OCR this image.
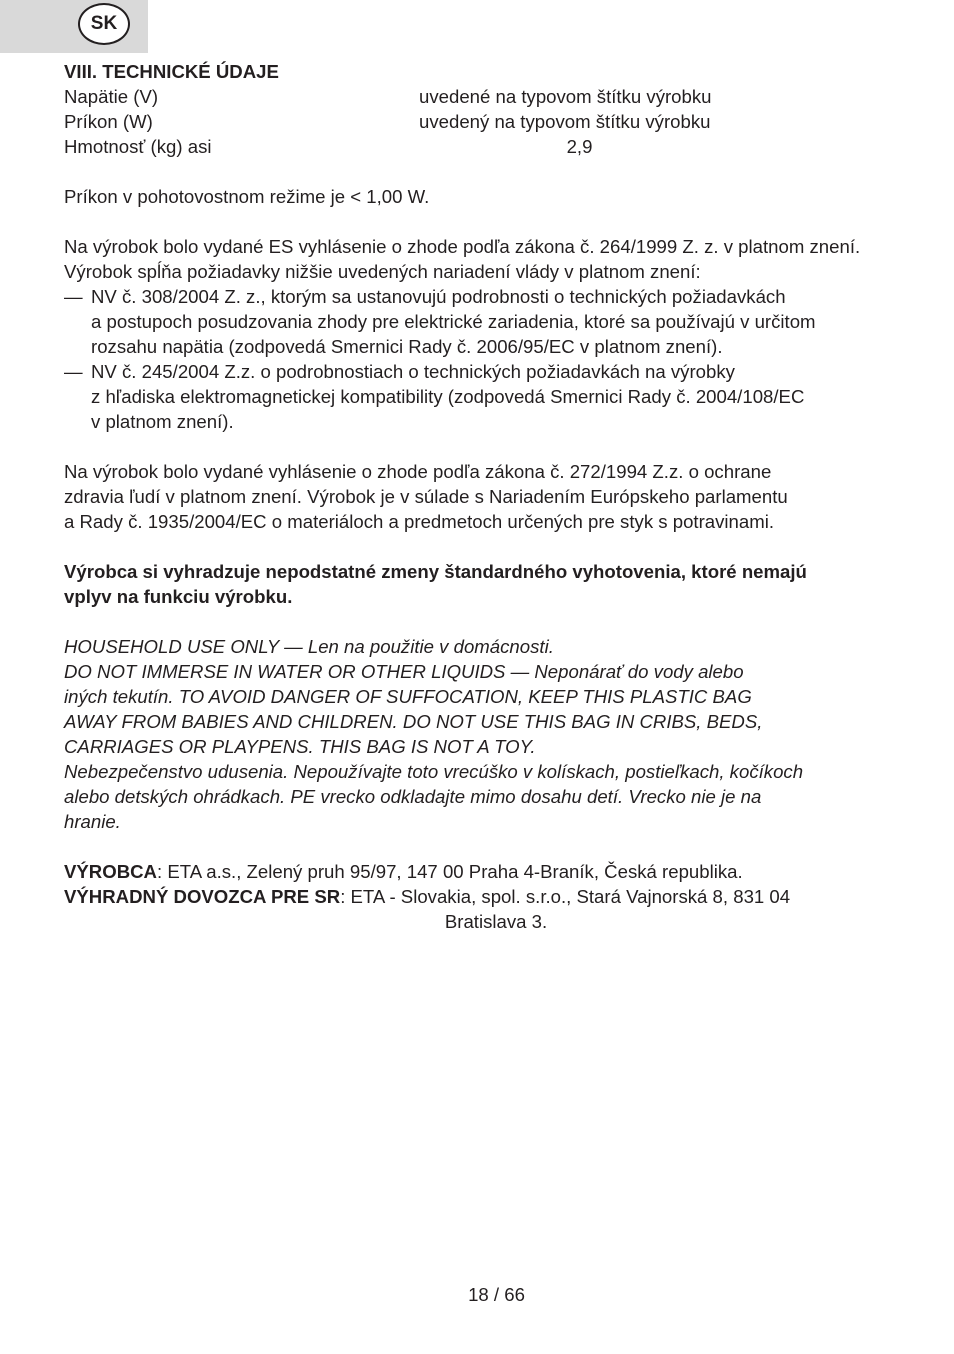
SK

VIII. TECHNICKÉ ÚDAJE

Napätie (V)	uvedené na typovom štítku výrobku
Príkon (W)	uvedený na typovom štítku výrobku
Hmotnosť (kg) asi	2,9

Príkon v pohotovostnom režime je < 1,00 W.

Na výrobok bolo vydané ES vyhlásenie o zhode podľa zákona č. 264/1999 Z. z. v platnom znení. Výrobok spĺňa požiadavky nižšie uvedených nariadení vlády v platnom znení:

— NV č. 308/2004 Z. z., ktorým sa ustanovujú podrobnosti o technických požiadavkách

a postupoch posudzovania zhody pre elektrické zariadenia, ktoré sa používajú v určitom

rozsahu napätia (zodpovedá Smernici Rady č. 2006/95/EC v platnom znení).

— NV č. 245/2004 Z.z. o podrobnostiach o technických požiadavkách na výrobky

z hľadiska elektromagnetickej kompatibility (zodpovedá Smernici Rady č. 2004/108/EC

v platnom znení).

Na výrobok bolo vydané vyhlásenie o zhode podľa zákona č. 272/1994 Z.z. o ochrane

zdravia ľudí v platnom znení. Výrobok je v súlade s Nariadením Európskeho parlamentu

a Rady č. 1935/2004/EC o materiáloch a predmetoch určených pre styk s potravinami.

Výrobca si vyhradzuje nepodstatné zmeny štandardného vyhotovenia, ktoré nemajú

vplyv na funkciu výrobku.

HOUSEHOLD USE ONLY — Len na použitie v domácnosti.

DO NOT IMMERSE IN WATER OR OTHER LIQUIDS — Neponárať do vody alebo

iných tekutín. TO AVOID DANGER OF SUFFOCATION, KEEP THIS PLASTIC BAG

AWAY FROM BABIES AND CHILDREN. DO NOT USE THIS BAG IN CRIBS, BEDS,

CARRIAGES OR PLAYPENS. THIS BAG IS NOT A TOY.

Nebezpečenstvo udusenia. Nepoužívajte toto vrecúško v kolískach, postieľkach, kočíkoch

alebo detských ohrádkach. PE vrecko odkladajte mimo dosahu detí. Vrecko nie je na

hranie.

VÝROBCA: ETA a.s., Zelený pruh 95/97, 147 00 Praha 4-Braník, Česká republika.

VÝHRADNÝ DOVOZCA PRE SR: ETA - Slovakia, spol. s.r.o., Stará Vajnorská 8, 831 04

Bratislava 3.

18 / 66
